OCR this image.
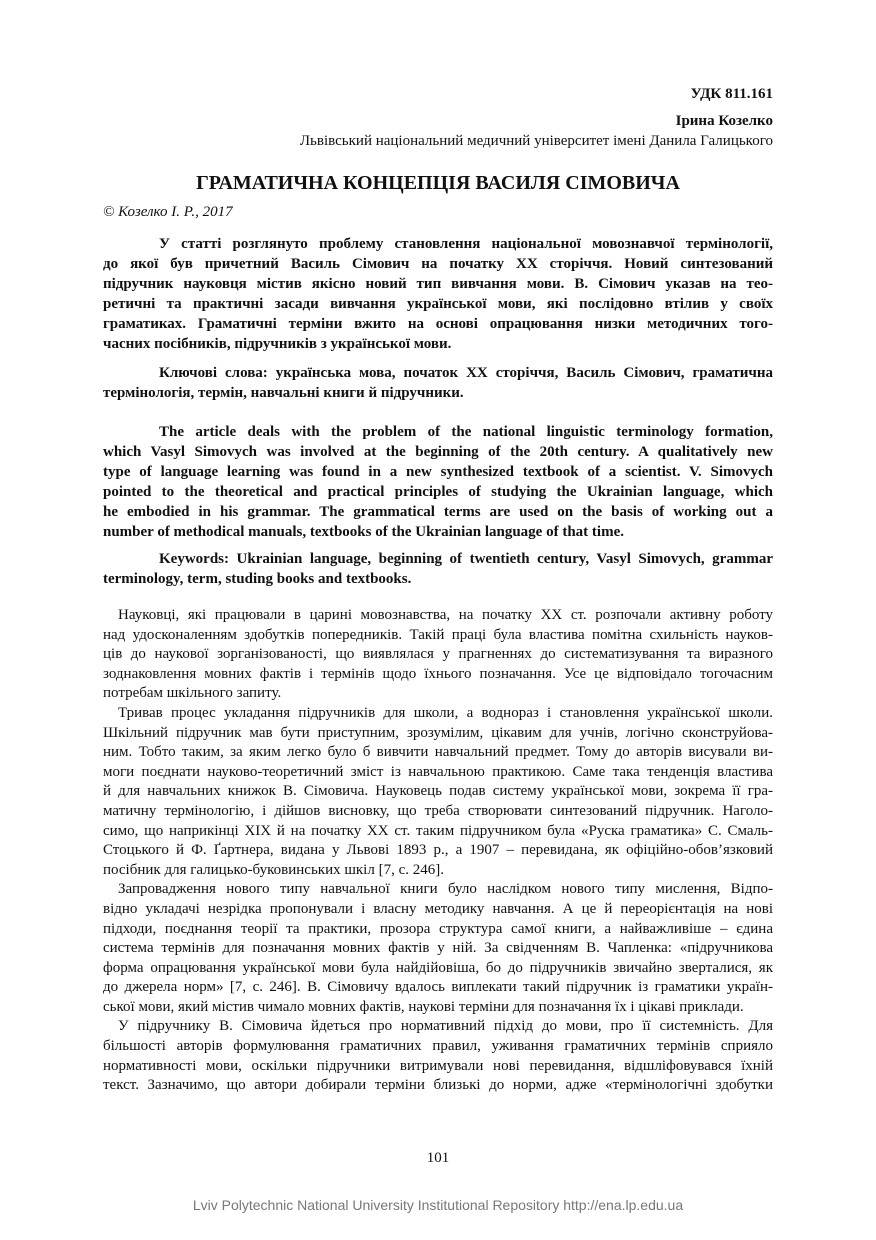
УДК 811.161
Ірина Козелко
Львівський національний медичний університет імені Данила Галицького
ГРАМАТИЧНА КОНЦЕПЦІЯ ВАСИЛЯ СІМОВИЧА
© Козелко І. Р., 2017
У статті розглянуто проблему становлення національної мовознавчої термінології,
до якої був причетний Василь Сімович на початку XX сторіччя. Новий синтезований
підручник науковця містив якісно новий тип вивчання мови. В. Сімович указав на тео-
ретичні та практичні засади вивчання української мови, які послідовно втілив у своїх
граматиках. Граматичні терміни вжито на основі опрацювання низки методичних того-
часних посібників, підручників з української мови.
Ключові слова: українська мова, початок XX сторіччя, Василь Сімович, граматична
термінологія, термін, навчальні книги й підручники.
The article deals with the problem of the national linguistic terminology formation,
which Vasyl Simovych was involved at the beginning of the 20th century. A qualitatively new
type of language learning was found in a new synthesized textbook of a scientist. V. Simovych
pointed to the theoretical and practical principles of studying the Ukrainian language, which
he embodied in his grammar. The grammatical terms are used on the basis of working out a
number of methodical manuals, textbooks of the Ukrainian language of that time.
Keywords: Ukrainian language, beginning of twentieth century, Vasyl Simovych, grammar
terminology, term, studing books and textbooks.
Науковці, які працювали в царині мовознавства, на початку XX ст. розпочали активну роботу
над удосконаленням здобутків попередників. Такій праці була властива помітна схильність науков-
ців до наукової зорганізованості, що виявлялася у прагненнях до систематизування та виразного
зоднаковлення мовних фактів і термінів щодо їхнього позначання. Усе це відповідало тогочасним
потребам шкільного запиту.
Тривав процес укладання підручників для школи, а воднораз і становлення української школи.
Шкільний підручник мав бути приступним, зрозумілим, цікавим для учнів, логічно сконструйова-
ним. Тобто таким, за яким легко було б вивчити навчальний предмет. Тому до авторів висували ви-
моги поєднати науково-теоретичний зміст із навчальною практикою. Саме така тенденція властива
й для навчальних книжок В. Сімовича. Науковець подав систему української мови, зокрема її гра-
матичну термінологію, і дійшов висновку, що треба створювати синтезований підручник. Наголо-
симо, що наприкінці XIX й на початку XX ст. таким підручником була «Руска граматика» С. Смаль-
Стоцького й Ф. Ґартнера, видана у Львові 1893 р., а 1907 – перевидана, як офіційно-обов’язковий
посібник для галицько-буковинських шкіл [7, с. 246].
Запровадження нового типу навчальної книги було наслідком нового типу мислення, Відпо-
відно укладачі незрідка пропонували і власну методику навчання. А це й переорієнтація на нові
підходи, поєднання теорії та практики, прозора структура самої книги, а найважливіше – єдина
система термінів для позначання мовних фактів у ній. За свідченням В. Чапленка: «підручникова
форма опрацювання української мови була найдійовіша, бо до підручників звичайно зверталися, як
до джерела норм» [7, с. 246]. В. Сімовичу вдалось виплекати такий підручник із граматики україн-
ської мови, який містив чимало мовних фактів, наукові терміни для позначання їх і цікаві приклади.
У підручнику В. Сімовича йдеться про нормативний підхід до мови, про її системність. Для
більшості авторів формулювання граматичних правил, уживання граматичних термінів сприяло
нормативності мови, оскільки підручники витримували нові перевидання, відшліфовувався їхній
текст. Зазначимо, що автори добирали терміни близькі до норми, адже «термінологічні здобутки
101
Lviv Polytechnic National University Institutional Repository http://ena.lp.edu.ua
